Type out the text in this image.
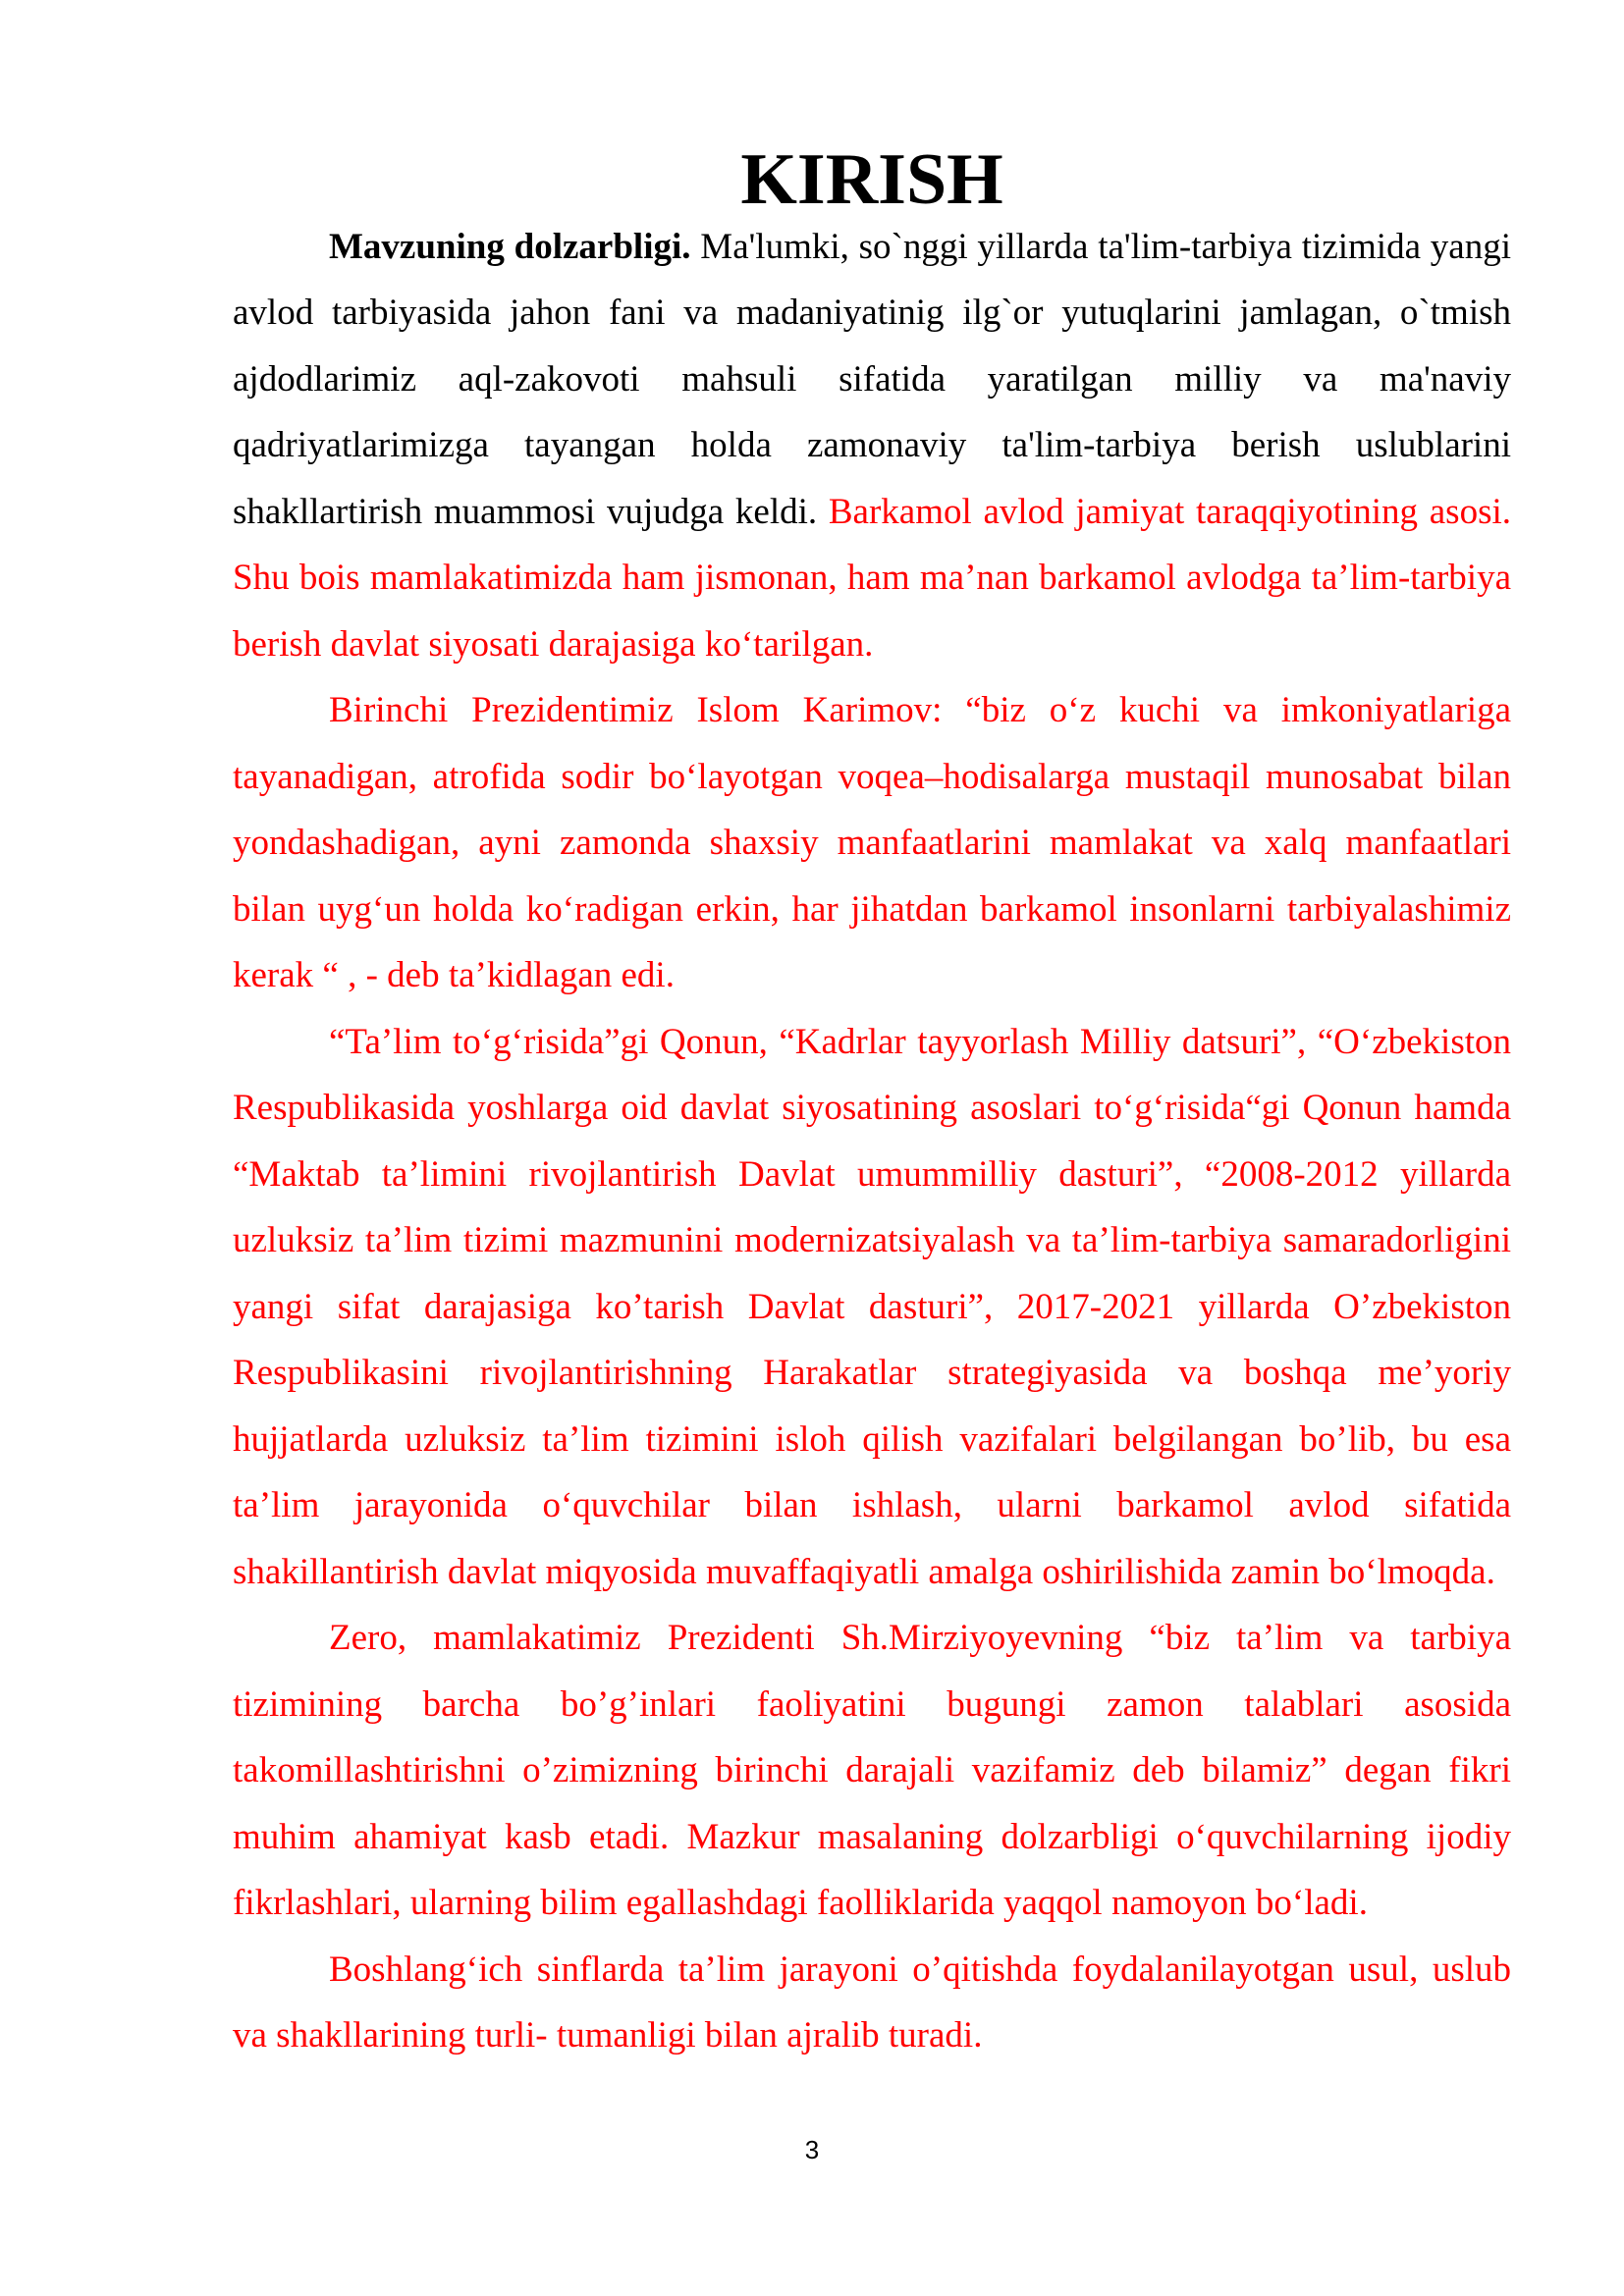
KIRISH

Mavzuning dolzarbligi. Ma'lumki, so`nggi yillarda ta'lim-tarbiya tizimida yangi avlod tarbiyasida jahon fani va madaniyatinig ilg`or yutuqlarini jamlagan, o`tmish ajdodlarimiz aql-zakovoti mahsuli sifatida yaratilgan milliy va ma'naviy qadriyatlarimizga tayangan holda zamonaviy ta'lim-tarbiya berish uslublarini shakllartirish muammosi vujudga keldi. Barkamol avlod jamiyat taraqqiyotining asosi. Shu bois mamlakatimizda ham jismonan, ham ma’nan barkamol avlodga ta’lim-tarbiya berish davlat siyosati darajasiga ko‘tarilgan.

Birinchi Prezidentimiz Islom Karimov: “biz o‘z kuchi va imkoniyatlariga tayanadigan, atrofida sodir bo‘layotgan voqea–hodisalarga mustaqil munosabat bilan yondashadigan, ayni zamonda shaxsiy manfaatlarini mamlakat va xalq manfaatlari bilan uyg‘un holda ko‘radigan erkin, har jihatdan barkamol insonlarni tarbiyalashimiz kerak “ , - deb ta’kidlagan edi.

“Ta’lim to‘g‘risida”gi Qonun, “Kadrlar tayyorlash Milliy datsuri”, “O‘zbekiston Respublikasida yoshlarga oid davlat siyosatining asoslari to‘g‘risida“gi Qonun hamda “Maktab ta’limini rivojlantirish Davlat umummilliy dasturi”, “2008-2012 yillarda uzluksiz ta’lim tizimi mazmunini modernizatsiyalash va ta’lim-tarbiya samaradorligini yangi sifat darajasiga ko’tarish Davlat dasturi”, 2017-2021 yillarda O’zbekiston Respublikasini rivojlantirishning Harakatlar strategiyasida va boshqa me’yoriy hujjatlarda uzluksiz ta’lim tizimini isloh qilish vazifalari belgilangan bo’lib, bu esa ta’lim jarayonida o‘quvchilar bilan ishlash, ularni barkamol avlod sifatida shakillantirish davlat miqyosida muvaffaqiyatli amalga oshirilishida zamin bo‘lmoqda.

Zero, mamlakatimiz Prezidenti Sh.Mirziyoyevning “biz ta’lim va tarbiya tizimining barcha bo’g’inlari faoliyatini bugungi zamon talablari asosida takomillashtirishni o’zimizning birinchi darajali vazifamiz deb bilamiz” degan fikri muhim ahamiyat kasb etadi. Mazkur masalaning dolzarbligi o‘quvchilarning ijodiy fikrlashlari, ularning bilim egallashdagi faolliklarida yaqqol namoyon bo‘ladi.

Boshlang‘ich sinflarda ta’lim jarayoni o’qitishda foydalanilayotgan usul, uslub va shakllarining turli- tumanligi bilan ajralib turadi.

3
